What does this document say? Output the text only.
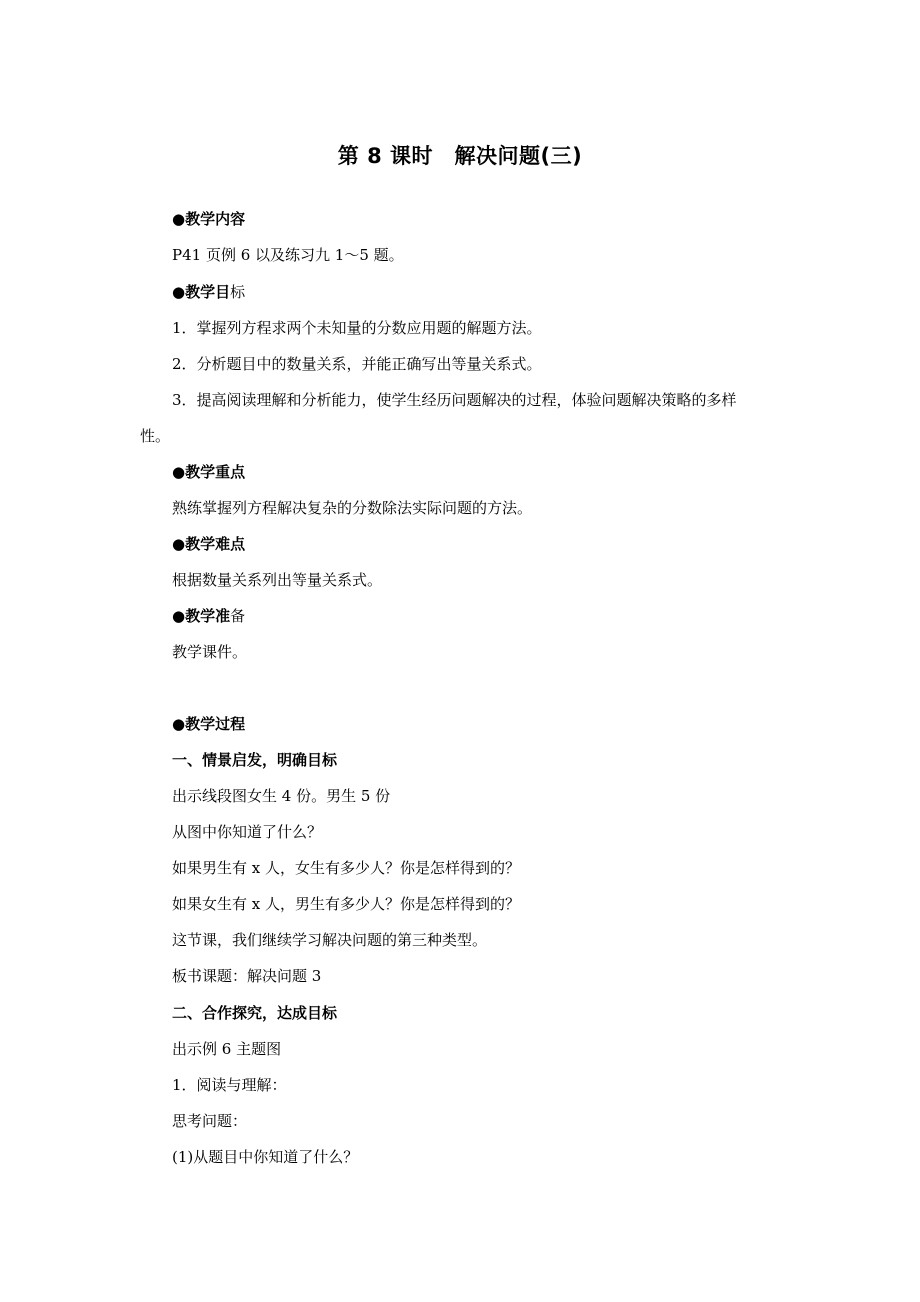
第 8 课时　解决问题(三)
●教学内容
P41 页例 6 以及练习九 1～5 题。
●教学目标
1．掌握列方程求两个未知量的分数应用题的解题方法。
2．分析题目中的数量关系，并能正确写出等量关系式。
3．提高阅读理解和分析能力，使学生经历问题解决的过程，体验问题解决策略的多样
性。
●教学重点
熟练掌握列方程解决复杂的分数除法实际问题的方法。
●教学难点
根据数量关系列出等量关系式。
●教学准备
教学课件。
●教学过程
一、情景启发，明确目标
出示线段图女生 4 份。男生 5 份
从图中你知道了什么？
如果男生有 x 人，女生有多少人？你是怎样得到的？
如果女生有 x 人，男生有多少人？你是怎样得到的？
这节课，我们继续学习解决问题的第三种类型。
板书课题：解决问题 3
二、合作探究，达成目标
出示例 6 主题图
1．阅读与理解：
思考问题：
(1)从题目中你知道了什么？
